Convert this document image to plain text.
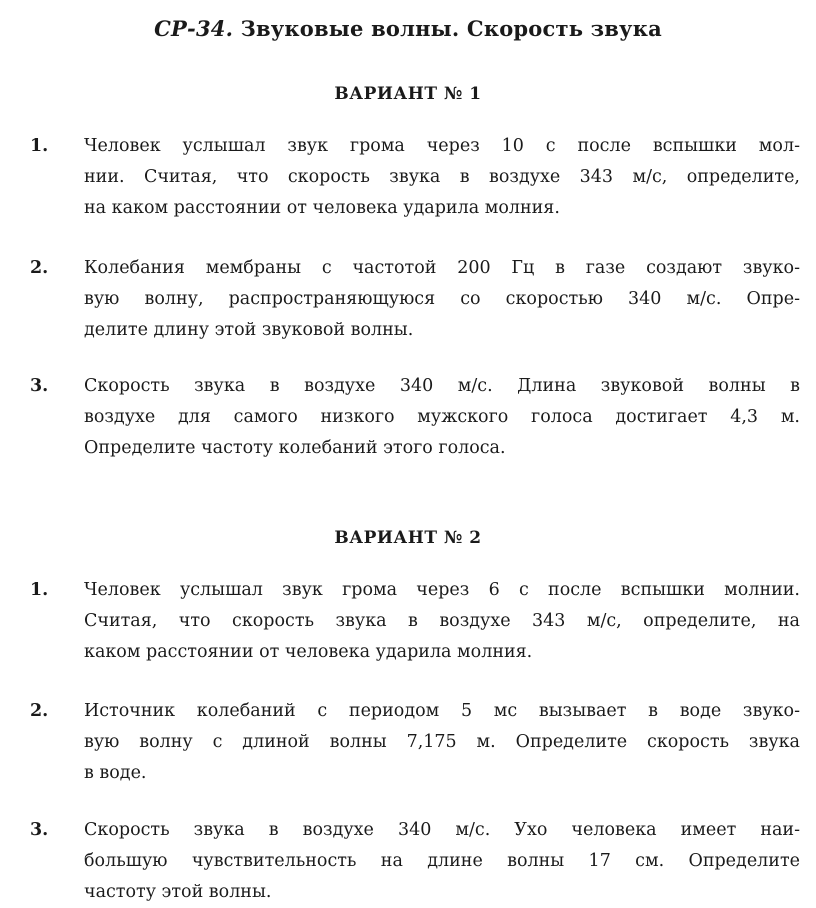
СР-34. Звуковые волны. Скорость звука
ВАРИАНТ № 1
1. Человек услышал звук грома через 10 с после вспышки мол-
нии. Считая, что скорость звука в воздухе 343 м/с, определите,
на каком расстоянии от человека ударила молния.
2. Колебания мембраны с частотой 200 Гц в газе создают звуко-
вую волну, распространяющуюся со скоростью 340 м/с. Опре-
делите длину этой звуковой волны.
3. Скорость звука в воздухе 340 м/с. Длина звуковой волны в
воздухе для самого низкого мужского голоса достигает 4,3 м.
Определите частоту колебаний этого голоса.
ВАРИАНТ № 2
1. Человек услышал звук грома через 6 с после вспышки молнии.
Считая, что скорость звука в воздухе 343 м/с, определите, на
каком расстоянии от человека ударила молния.
2. Источник колебаний с периодом 5 мс вызывает в воде звуко-
вую волну с длиной волны 7,175 м. Определите скорость звука
в воде.
3. Скорость звука в воздухе 340 м/с. Ухо человека имеет наи-
большую чувствительность на длине волны 17 см. Определите
частоту этой волны.
